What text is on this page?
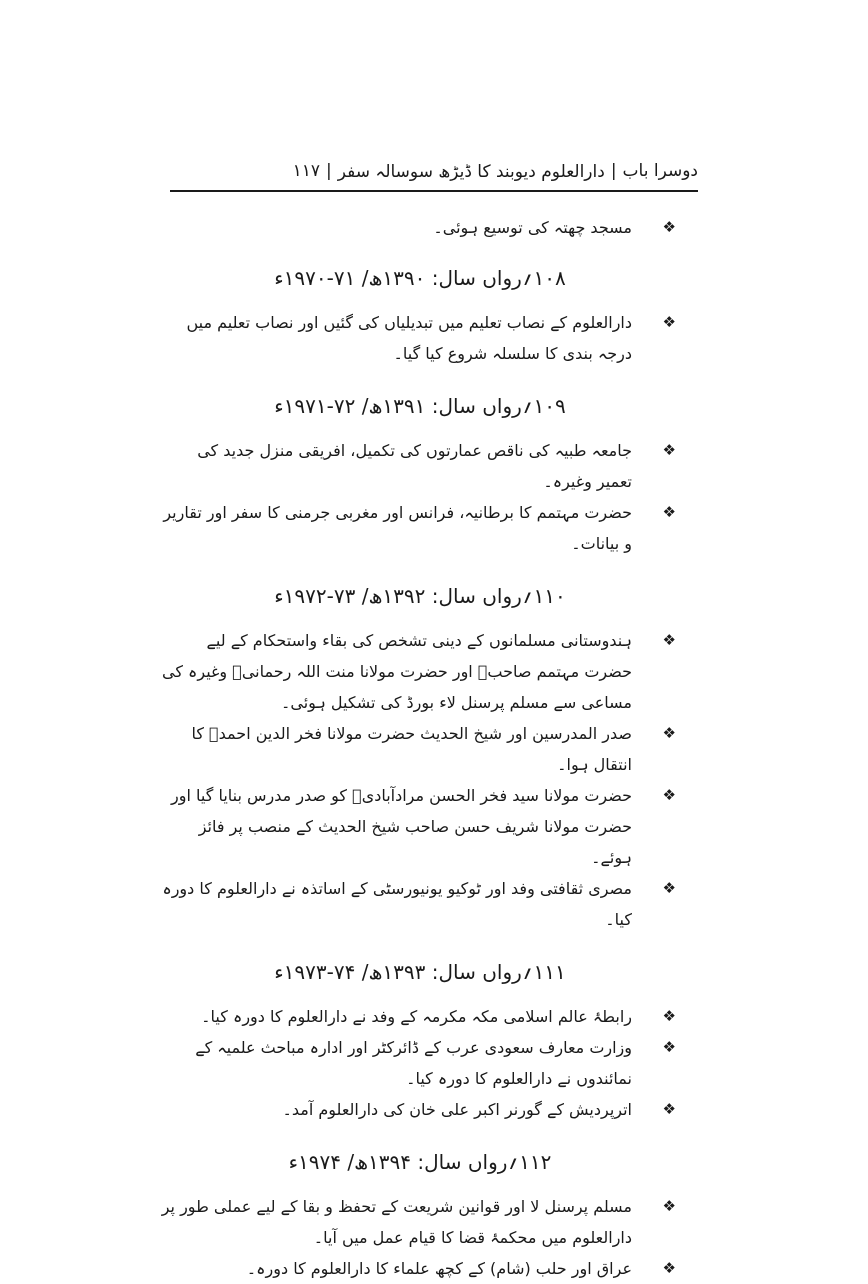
دوسرا باب
|
دارالعلوم دیوبند کا ڈیڑھ سوسالہ سفر
|
۱۱۷

❖
مسجد چھتہ کی توسیع ہوئی۔

۱۰۸؍رواں سال: ۱۳۹۰ھ/ ۷۱-۱۹۷۰ء

❖
دارالعلوم کے نصاب تعلیم میں تبدیلیاں کی گئیں اور نصاب تعلیم میں درجہ بندی کا سلسلہ شروع کیا گیا۔

۱۰۹؍رواں سال: ۱۳۹۱ھ/ ۷۲-۱۹۷۱ء

❖
جامعہ طبیہ کی ناقص عمارتوں کی تکمیل، افریقی منزل جدید کی تعمیر وغیرہ۔

❖
حضرت مہتمم کا برطانیہ، فرانس اور مغربی جرمنی کا سفر اور تقاریر و بیانات۔

۱۱۰؍رواں سال: ۱۳۹۲ھ/ ۷۳-۱۹۷۲ء

❖
ہندوستانی مسلمانوں کے دینی تشخص کی بقاء واستحکام کے لیے حضرت مہتمم صاحبؒ اور حضرت مولانا منت اللہ رحمانیؒ وغیرہ کی مساعی سے مسلم پرسنل لاء بورڈ کی تشکیل ہوئی۔

❖
صدر المدرسین اور شیخ الحدیث حضرت مولانا فخر الدین احمدؒ کا انتقال ہوا۔

❖
حضرت مولانا سید فخر الحسن مرادآبادیؒ کو صدر مدرس بنایا گیا اور حضرت مولانا شریف حسن صاحب شیخ الحدیث کے منصب پر فائز ہوئے۔

❖
مصری ثقافتی وفد اور ٹوکیو یونیورسٹی کے اساتذہ نے دارالعلوم کا دورہ کیا۔

۱۱۱؍رواں سال: ۱۳۹۳ھ/ ۷۴-۱۹۷۳ء

❖
رابطۂ عالم اسلامی مکہ مکرمہ کے وفد نے دارالعلوم کا دورہ کیا۔

❖
وزارت معارف سعودی عرب کے ڈائرکٹر اور ادارہ مباحث علمیہ کے نمائندوں نے دارالعلوم کا دورہ کیا۔

❖
اترپردیش کے گورنر اکبر علی خان کی دارالعلوم آمد۔

۱۱۲؍رواں سال: ۱۳۹۴ھ/ ۱۹۷۴ء

❖
مسلم پرسنل لا اور قوانین شریعت کے تحفظ و بقا کے لیے عملی طور پر دارالعلوم میں محکمۂ قضا کا قیام عمل میں آیا۔

❖
عراق اور حلب (شام) کے کچھ علماء کا دارالعلوم کا دورہ۔
